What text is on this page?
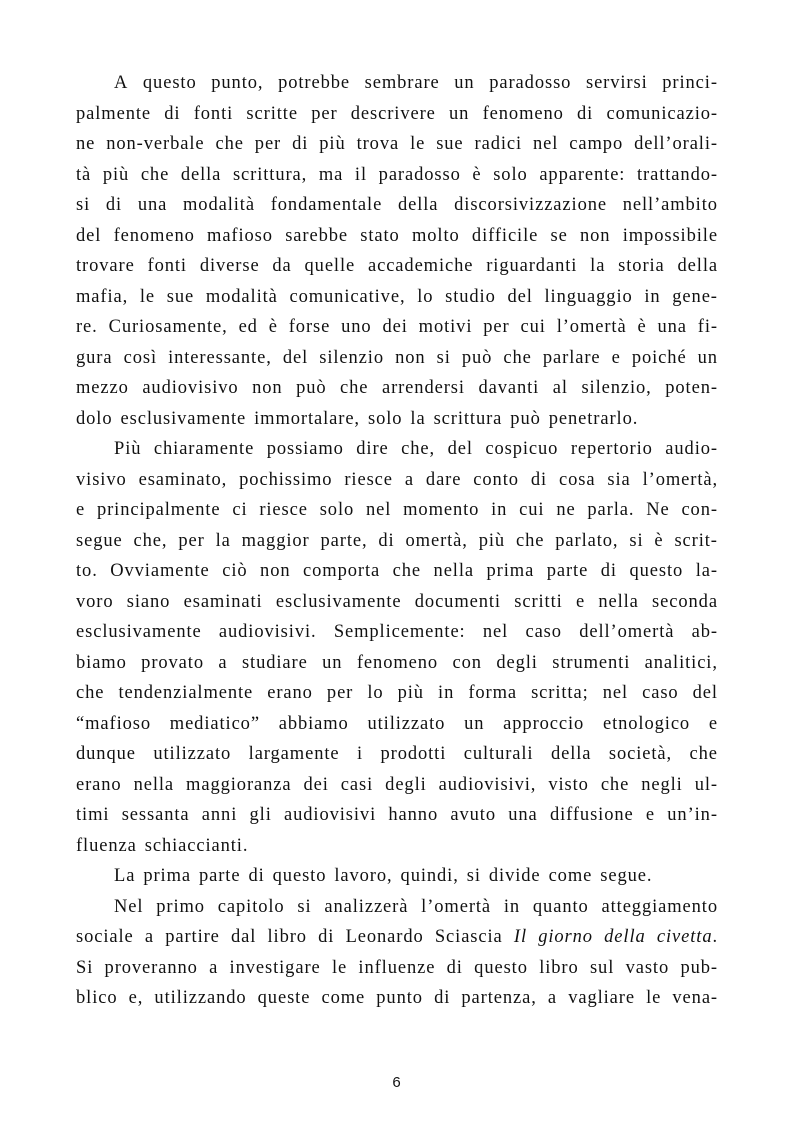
A questo punto, potrebbe sembrare un paradosso servirsi princi-
palmente di fonti scritte per descrivere un fenomeno di comunicazio-
ne non-verbale che per di più trova le sue radici nel campo dell’orali-
tà più che della scrittura, ma il paradosso è solo apparente: trattando-
si di una modalità fondamentale della discorsivizzazione nell’ambito
del fenomeno mafioso sarebbe stato molto difficile se non impossibile
trovare fonti diverse da quelle accademiche riguardanti la storia della
mafia, le sue modalità comunicative, lo studio del linguaggio in gene-
re. Curiosamente, ed è forse uno dei motivi per cui l’omertà è una fi-
gura così interessante, del silenzio non si può che parlare e poiché un
mezzo audiovisivo non può che arrendersi davanti al silenzio, poten-
dolo esclusivamente immortalare, solo la scrittura può penetrarlo.
Più chiaramente possiamo dire che, del cospicuo repertorio audio-
visivo esaminato, pochissimo riesce a dare conto di cosa sia l’omertà,
e principalmente ci riesce solo nel momento in cui ne parla. Ne con-
segue che, per la maggior parte, di omertà, più che parlato, si è scrit-
to. Ovviamente ciò non comporta che nella prima parte di questo la-
voro siano esaminati esclusivamente documenti scritti e nella seconda
esclusivamente audiovisivi. Semplicemente: nel caso dell’omertà ab-
biamo provato a studiare un fenomeno con degli strumenti analitici,
che tendenzialmente erano per lo più in forma scritta; nel caso del
“mafioso mediatico” abbiamo utilizzato un approccio etnologico e
dunque utilizzato largamente i prodotti culturali della società, che
erano nella maggioranza dei casi degli audiovisivi, visto che negli ul-
timi sessanta anni gli audiovisivi hanno avuto una diffusione e un’in-
fluenza schiaccianti.
La prima parte di questo lavoro, quindi, si divide come segue.
Nel primo capitolo si analizzerà l’omertà in quanto atteggiamento
sociale a partire dal libro di Leonardo Sciascia Il giorno della civetta.
Si proveranno a investigare le influenze di questo libro sul vasto pub-
blico e, utilizzando queste come punto di partenza, a vagliare le vena-
6
